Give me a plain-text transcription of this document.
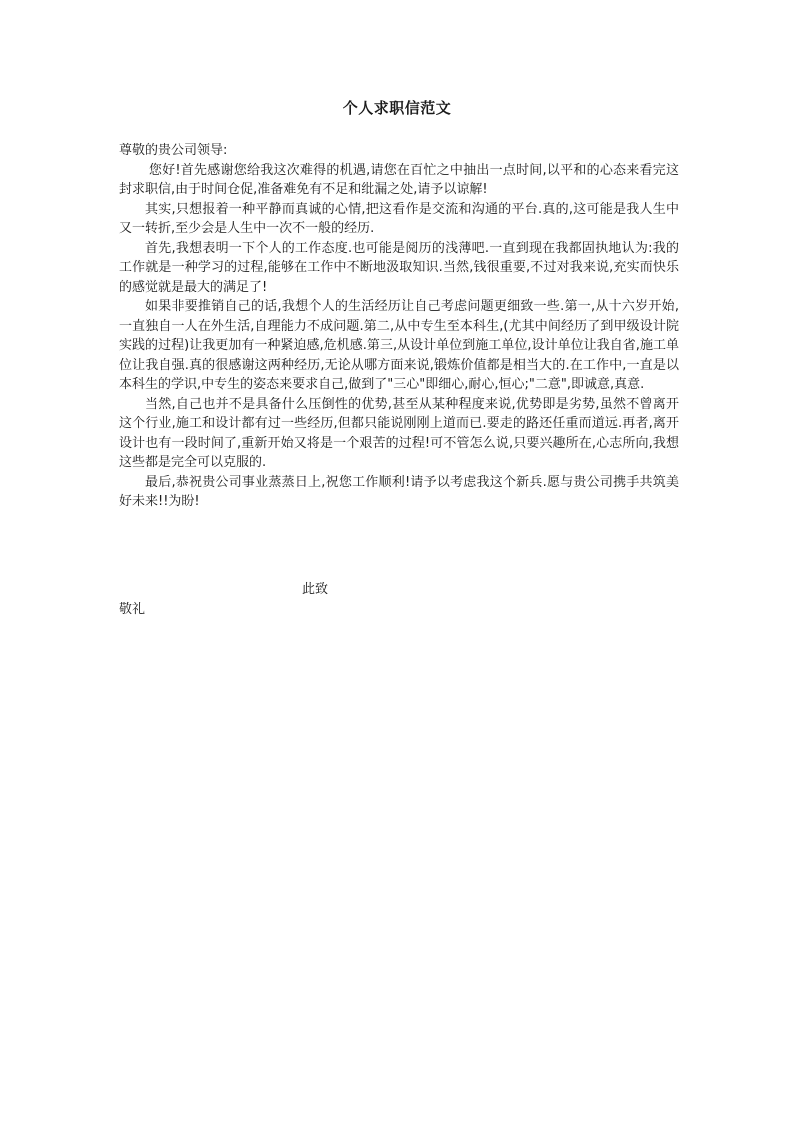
个人求职信范文

尊敬的贵公司领导:

您好!首先感谢您给我这次难得的机遇,请您在百忙之中抽出一点时间,以平和的心态来看完这封求职信,由于时间仓促,准备难免有不足和纰漏之处,请予以谅解!

其实,只想报着一种平静而真诚的心情,把这看作是交流和沟通的平台.真的,这可能是我人生中又一转折,至少会是人生中一次不一般的经历.

首先,我想表明一下个人的工作态度.也可能是阅历的浅薄吧.一直到现在我都固执地认为:我的工作就是一种学习的过程,能够在工作中不断地汲取知识.当然,钱很重要,不过对我来说,充实而快乐的感觉就是最大的满足了!

如果非要推销自己的话,我想个人的生活经历让自己考虑问题更细致一些.第一,从十六岁开始,一直独自一人在外生活,自理能力不成问题.第二,从中专生至本科生,(尤其中间经历了到甲级设计院实践的过程)让我更加有一种紧迫感,危机感.第三,从设计单位到施工单位,设计单位让我自省,施工单位让我自强.真的很感谢这两种经历,无论从哪方面来说,锻炼价值都是相当大的.在工作中,一直是以本科生的学识,中专生的姿态来要求自己,做到了"三心"即细心,耐心,恒心;"二意",即诚意,真意.

当然,自己也并不是具备什么压倒性的优势,甚至从某种程度来说,优势即是劣势,虽然不曾离开这个行业,施工和设计都有过一些经历,但都只能说刚刚上道而已.要走的路还任重而道远.再者,离开设计也有一段时间了,重新开始又将是一个艰苦的过程!可不管怎么说,只要兴趣所在,心志所向,我想这些都是完全可以克服的.

最后,恭祝贵公司事业蒸蒸日上,祝您工作顺利!请予以考虑我这个新兵.愿与贵公司携手共筑美好未来!!为盼!

此致
敬礼
